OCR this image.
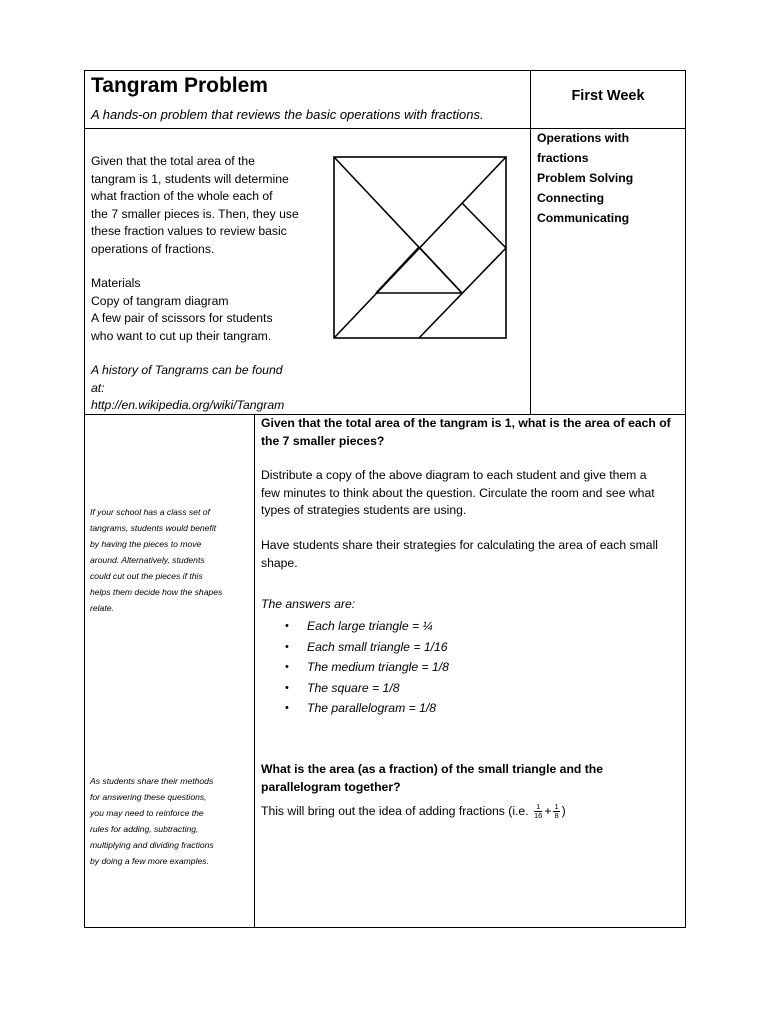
Tangram Problem
A hands-on problem that reviews the basic operations with fractions.
First Week

Given that the total area of the

tangram is 1, students will determine

what fraction of the whole each of

the 7 smaller pieces is. Then, they use

these fraction values to review basic

operations of fractions.

Materials
Copy of tangram diagram
A few pair of scissors for students
who want to cut up their tangram.
A history of Tangrams can be found
at:
http://en.wikipedia.org/wiki/Tangram
Operations with
fractions
Problem Solving
Connecting
Communicating
If your school has a class set of
tangrams, students would benefit
by having the pieces to move
around. Alternatively, students
could cut out the pieces if this
helps them decide how the shapes
relate.
As students share their methods
for answering these questions,
you may need to reinforce the
rules for adding, subtracting,
multiplying and dividing fractions
by doing a few more examples.
Given that the total area of the tangram is 1, what is the area of each of
the 7 smaller pieces?
Distribute a copy of the above diagram to each student and give them a
few minutes to think about the question. Circulate the room and see what
types of strategies students are using.
Have students share their strategies for calculating the area of each small
shape.
The answers are:
• Each large triangle = ¼
• Each small triangle = 1/16
• The medium triangle = 1/8
• The square = 1/8
• The parallelogram = 1/8
What is the area (as a fraction) of the small triangle and the
parallelogram together?
This will bring out the idea of adding fractions (i.e. $\frac{1}{16} + \frac{1}{8}$ )
